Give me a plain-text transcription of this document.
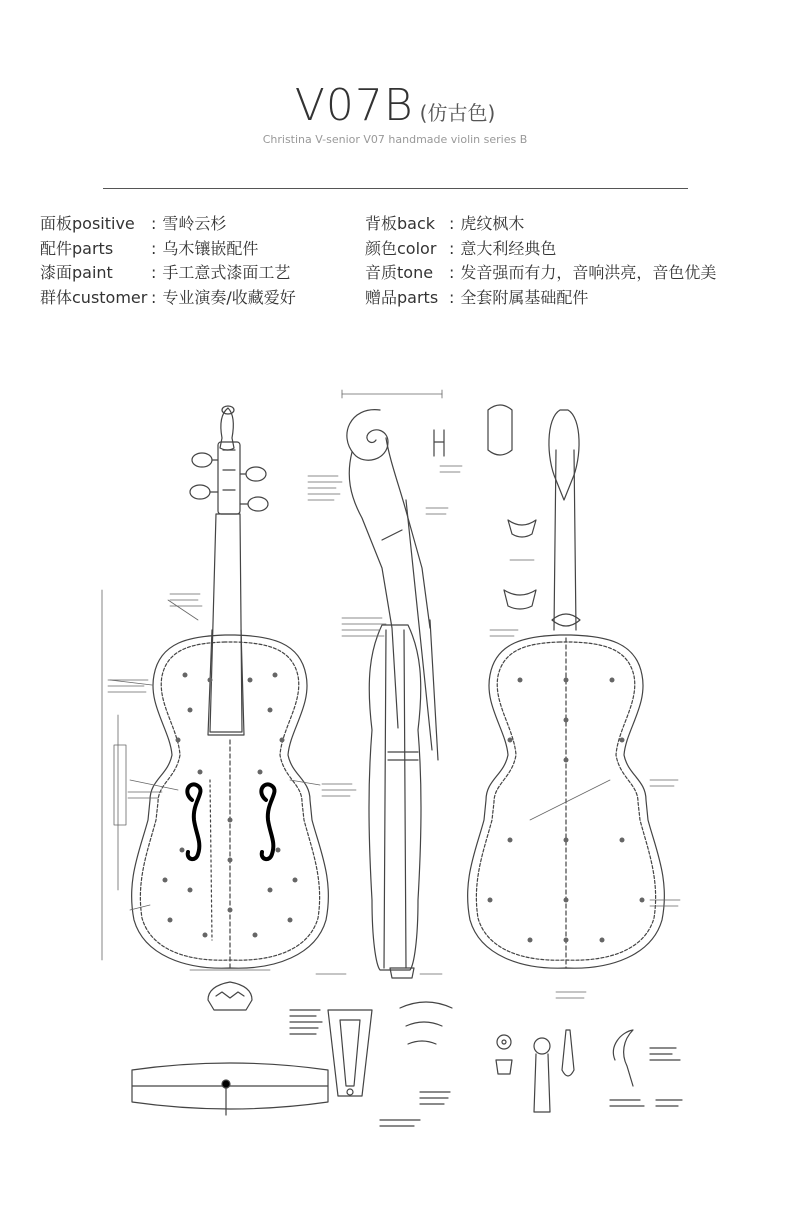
V07B (仿古色)
Christina V-senior V07 handmade violin series B
面板positive	: 雪岭云杉
配件parts	: 乌木镶嵌配件
漆面paint	: 手工意式漆面工艺
群体customer : 专业演奏/收藏爱好
背板back : 虎纹枫木
颜色color : 意大利经典色
音质tone : 发音强而有力，音响洪亮，音色优美
赠品parts : 全套附属基础配件
